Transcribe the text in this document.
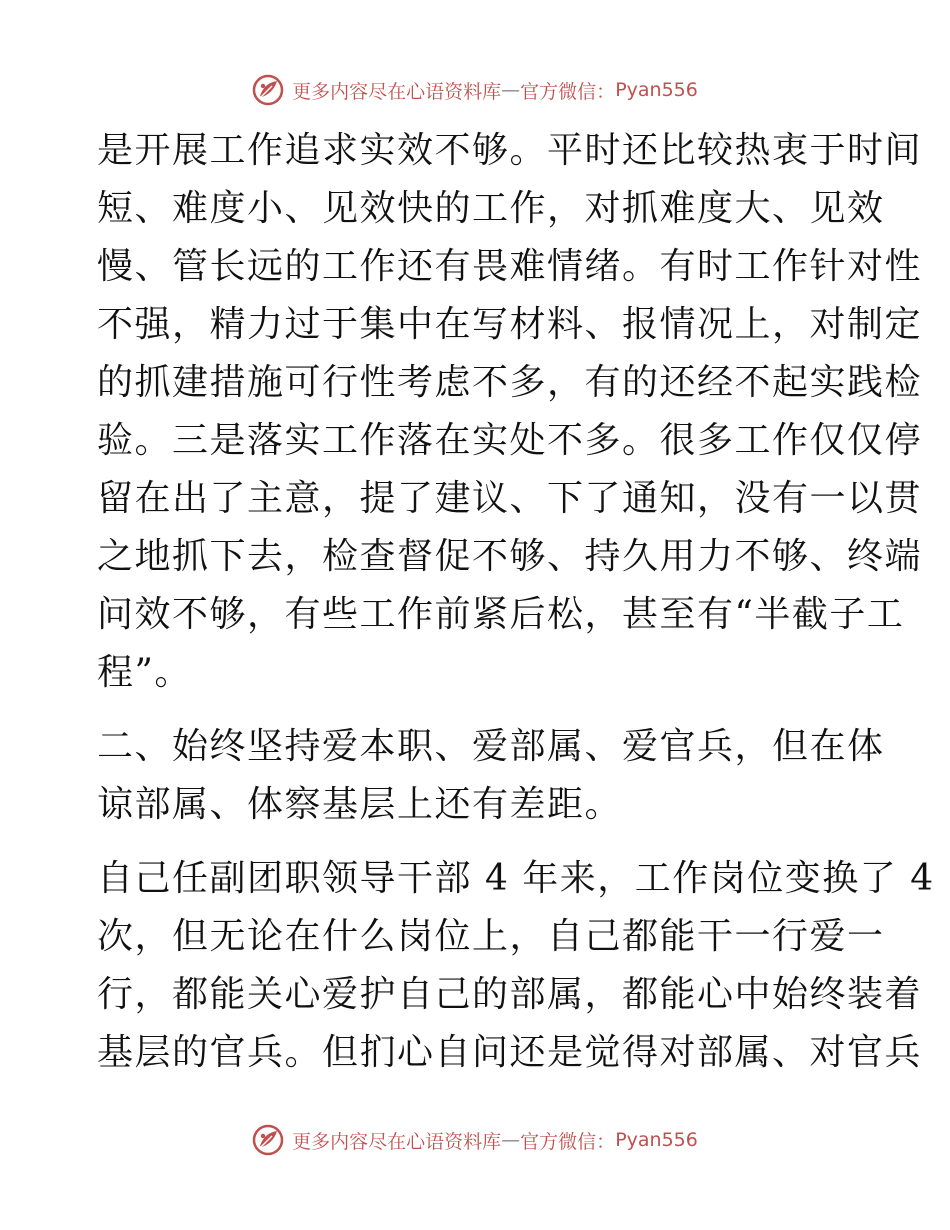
更多内容尽在心语资料库 — 官方微信： Pyan556
是开展工作追求实效不够。平时还比较热衷于时间
短、难度小、见效快的工作，对抓难度大、见效
慢、管长远的工作还有畏难情绪。有时工作针对性
不强，精力过于集中在写材料、报情况上，对制定
的抓建措施可行性考虑不多，有的还经不起实践检
验。三是落实工作落在实处不多。很多工作仅仅停
留在出了主意，提了建议、下了通知，没有一以贯
之地抓下去，检查督促不够、持久用力不够、终端
问效不够，有些工作前紧后松，甚至有“半截子工
程”。
二、始终坚持爱本职、爱部属、爱官兵，但在体
谅部属、体察基层上还有差距。
自己任副团职领导干部 4 年来，工作岗位变换了 4
次，但无论在什么岗位上，自己都能干一行爱一
行，都能关心爱护自己的部属，都能心中始终装着
基层的官兵。但扪心自问还是觉得对部属、对官兵
更多内容尽在心语资料库 — 官方微信： Pyan556
